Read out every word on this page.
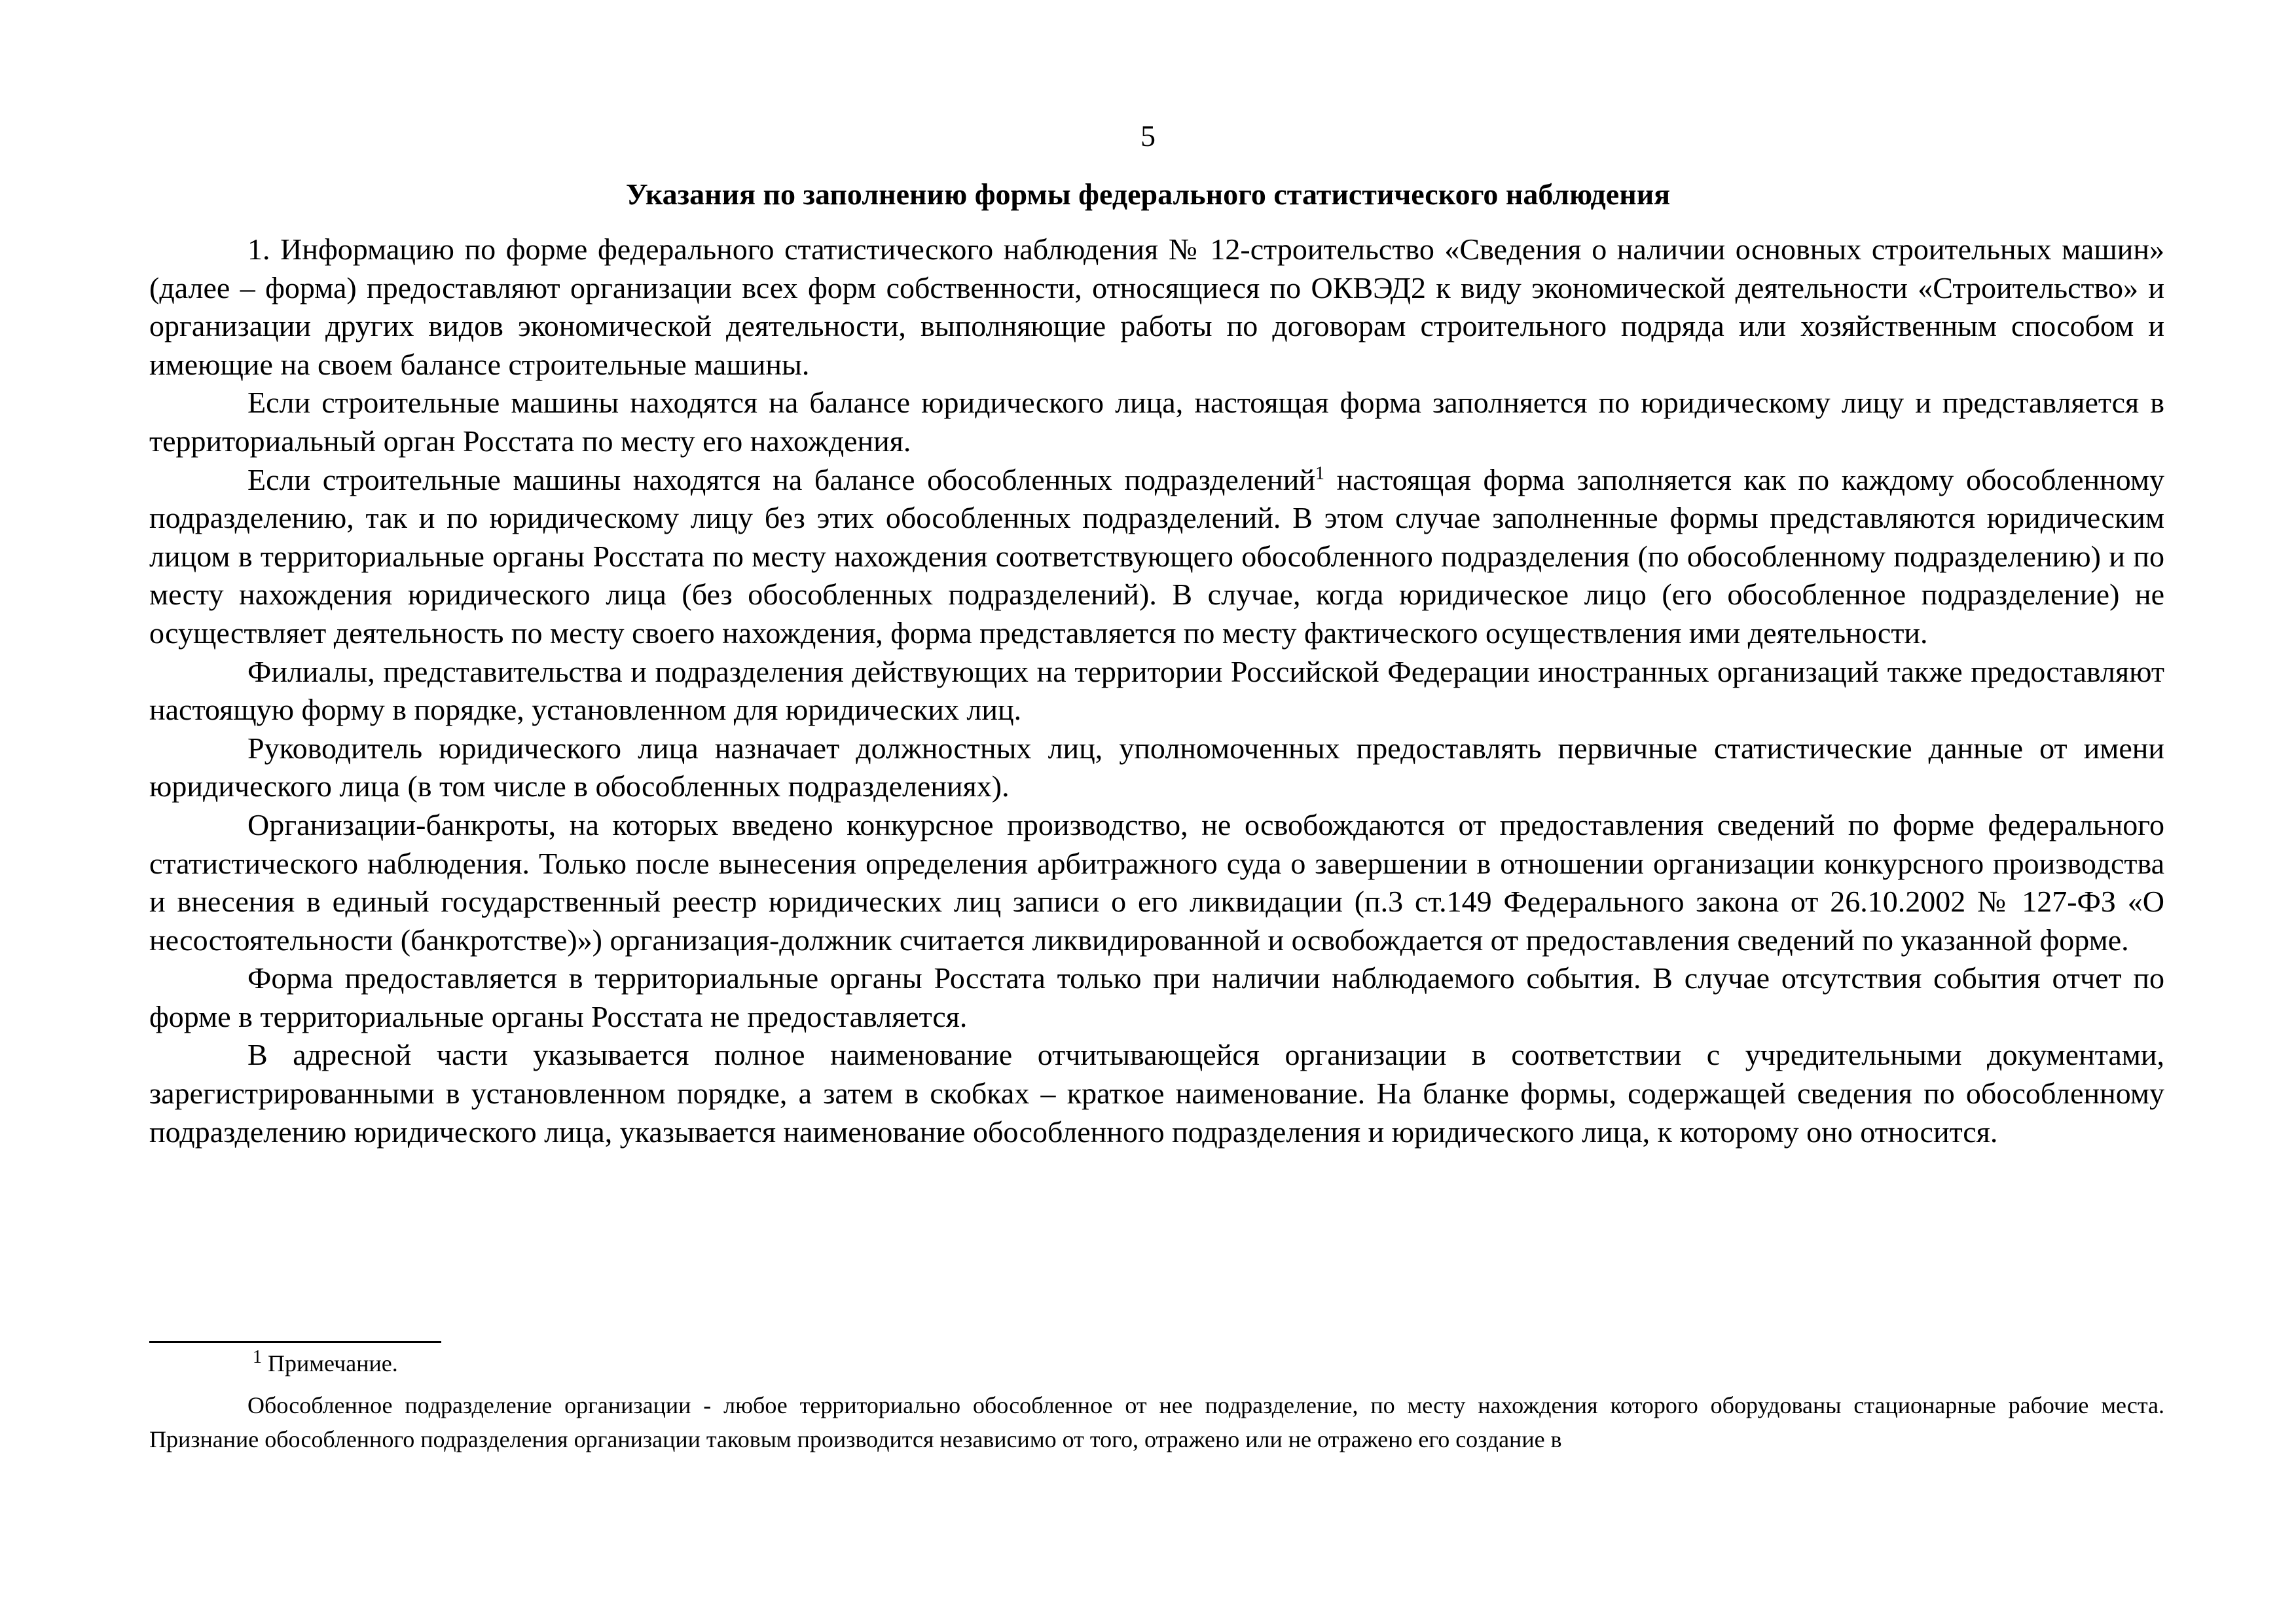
5
Указания по заполнению формы федерального статистического наблюдения

1. Информацию по форме федерального статистического наблюдения № 12-строительство «Сведения о наличии основных строительных машин» (далее – форма) предоставляют организации всех форм собственности, относящиеся по ОКВЭД2 к виду экономической деятельности «Строительство» и организации других видов экономической деятельности, выполняющие работы по договорам строительного подряда или хозяйственным способом и имеющие на своем балансе строительные машины.

Если строительные машины находятся на балансе юридического лица, настоящая форма заполняется по юридическому лицу и представляется в территориальный орган Росстата по месту его нахождения.

Если строительные машины находятся на балансе обособленных подразделений$^1$ настоящая форма заполняется как по каждому обособленному подразделению, так и по юридическому лицу без этих обособленных подразделений. В этом случае заполненные формы представляются юридическим лицом в территориальные органы Росстата по месту нахождения соответствующего обособленного подразделения (по обособленному подразделению) и по месту нахождения юридического лица (без обособленных подразделений). В случае, когда юридическое лицо (его обособленное подразделение) не осуществляет деятельность по месту своего нахождения, форма представляется по месту фактического осуществления ими деятельности.

Филиалы, представительства и подразделения действующих на территории Российской Федерации иностранных организаций также предоставляют настоящую форму в порядке, установленном для юридических лиц.

Руководитель юридического лица назначает должностных лиц, уполномоченных предоставлять первичные статистические данные от имени юридического лица (в том числе в обособленных подразделениях).

Организации-банкроты, на которых введено конкурсное производство, не освобождаются от предоставления сведений по форме федерального статистического наблюдения. Только после вынесения определения арбитражного суда о завершении в отношении организации конкурсного производства и внесения в единый государственный реестр юридических лиц записи о его ликвидации (п.3 ст.149 Федерального закона от 26.10.2002 № 127-ФЗ «О несостоятельности (банкротстве)») организация-должник считается ликвидированной и освобождается от предоставления сведений по указанной форме.

Форма предоставляется в территориальные органы Росстата только при наличии наблюдаемого события. В случае отсутствия события отчет по форме в территориальные органы Росстата не предоставляется.

В адресной части указывается полное наименование отчитывающейся организации в соответствии с учредительными документами, зарегистрированными в установленном порядке, а затем в скобках – краткое наименование. На бланке формы, содержащей сведения по обособленному подразделению юридического лица, указывается наименование обособленного подразделения и юридического лица, к которому оно относится.

$^1$ Примечание.

Обособленное подразделение организации - любое территориально обособленное от нее подразделение, по месту нахождения которого оборудованы стационарные рабочие места. Признание обособленного подразделения организации таковым производится независимо от того, отражено или не отражено его создание в
